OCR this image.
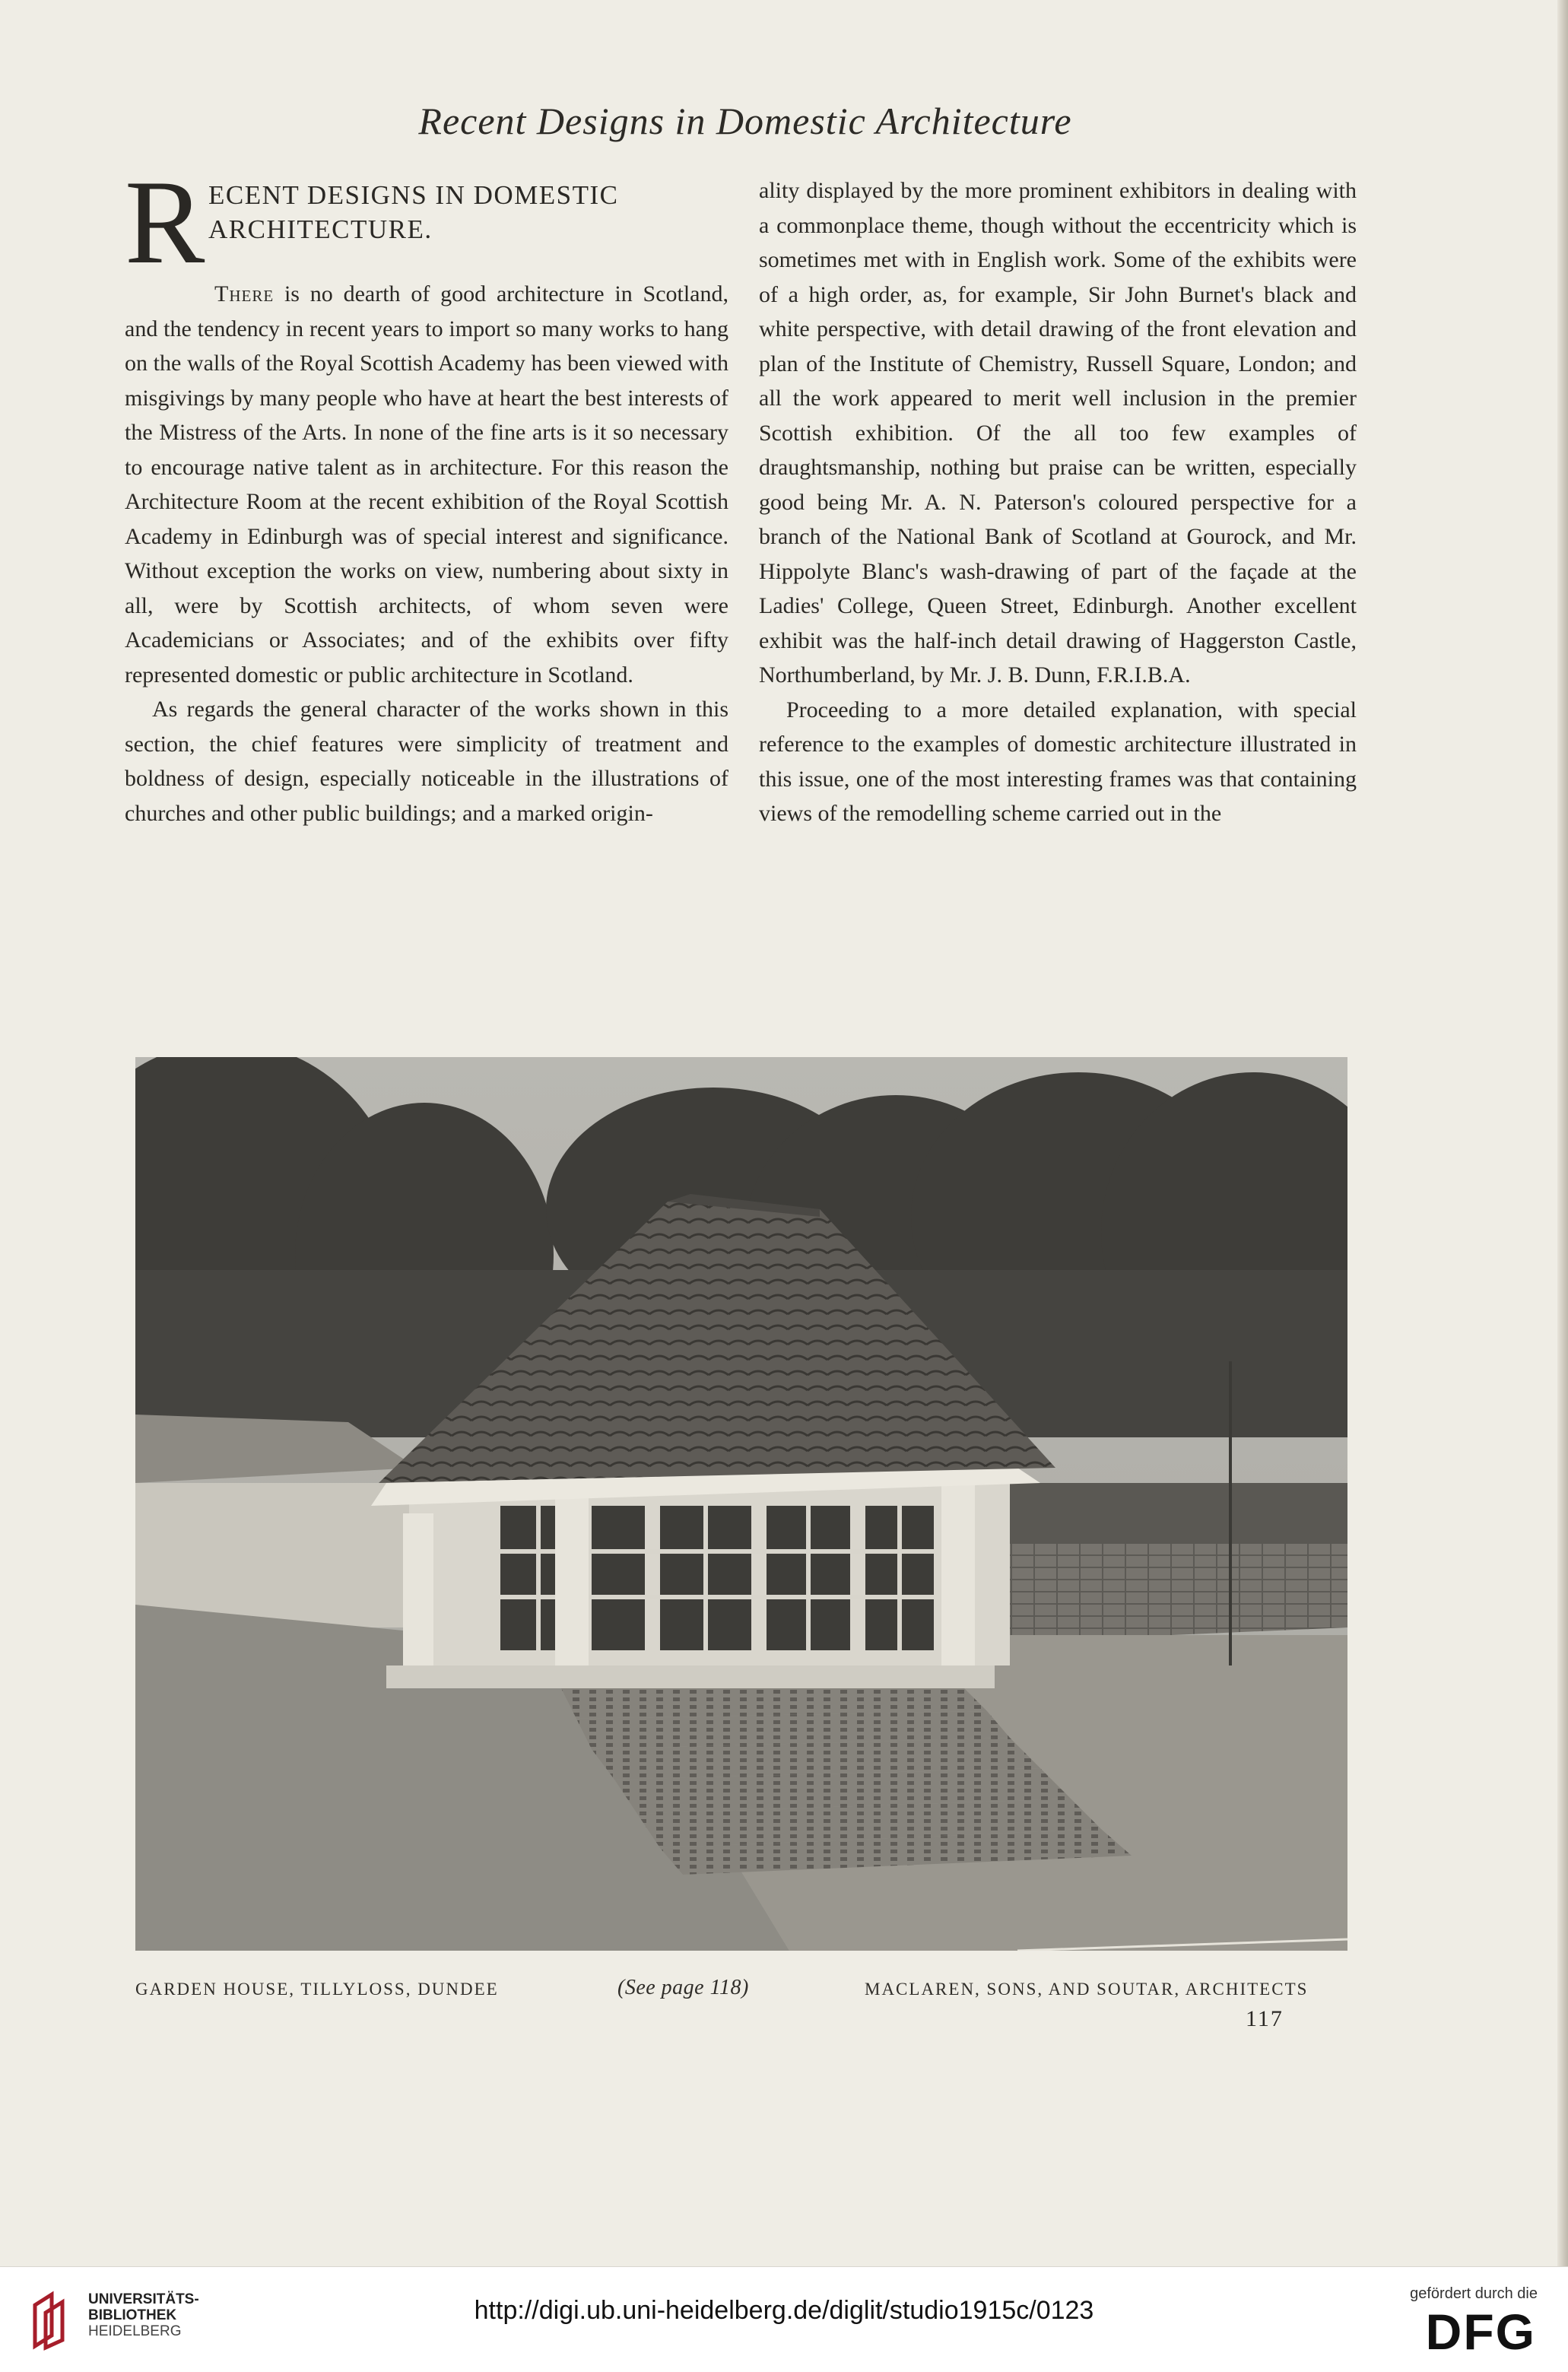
Recent Designs in Domestic Architecture
R ECENT DESIGNS IN DOMESTIC
ARCHITECTURE.

There is no dearth of good architecture in Scotland, and the tendency in recent years to import so many works to hang on the walls of the Royal Scottish Academy has been viewed with misgivings by many people who have at heart the best interests of the Mistress of the Arts. In none of the fine arts is it so necessary to encourage native talent as in architecture. For this reason the Architecture Room at the recent exhibition of the Royal Scottish Academy in Edinburgh was of special interest and significance. Without exception the works on view, numbering about sixty in all, were by Scottish architects, of whom seven were Academicians or Associates; and of the exhibits over fifty represented domestic or public architecture in Scotland.

As regards the general character of the works shown in this section, the chief features were simplicity of treatment and boldness of design, especially noticeable in the illustrations of churches and other public buildings; and a marked origin-

ality displayed by the more prominent exhibitors in dealing with a commonplace theme, though without the eccentricity which is sometimes met with in English work. Some of the exhibits were of a high order, as, for example, Sir John Burnet's black and white perspective, with detail drawing of the front elevation and plan of the Institute of Chemistry, Russell Square, London; and all the work appeared to merit well inclusion in the premier Scottish exhibition. Of the all too few examples of draughtsmanship, nothing but praise can be written, especially good being Mr. A. N. Paterson's coloured perspective for a branch of the National Bank of Scotland at Gourock, and Mr. Hippolyte Blanc's wash-drawing of part of the façade at the Ladies' College, Queen Street, Edinburgh. Another excellent exhibit was the half-inch detail drawing of Haggerston Castle, Northumberland, by Mr. J. B. Dunn, F.R.I.B.A.

Proceeding to a more detailed explanation, with special reference to the examples of domestic architecture illustrated in this issue, one of the most interesting frames was that containing views of the remodelling scheme carried out in the

GARDEN HOUSE, TILLYLOSS, DUNDEE	(See page 118)	MACLAREN, SONS, AND SOUTAR, ARCHITECTS
117
UNIVERSITÄTS-
BIBLIOTHEK
HEIDELBERG
http://digi.ub.uni-heidelberg.de/diglit/studio1915c/0123
gefördert durch die
DFG
